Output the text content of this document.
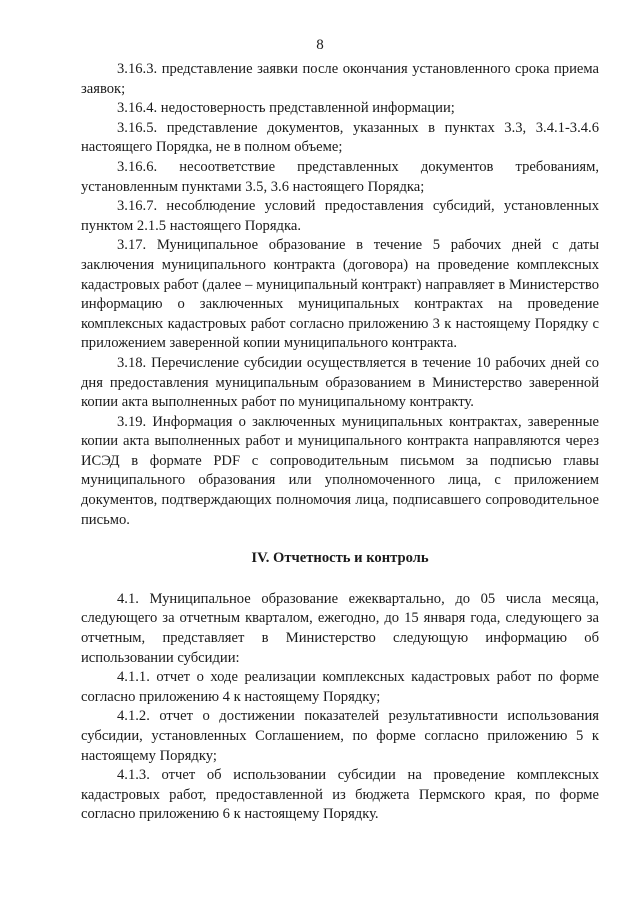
8

3.16.3. представление заявки после окончания установленного срока приема заявок;

3.16.4. недостоверность представленной информации;

3.16.5. представление документов, указанных в пунктах 3.3, 3.4.1-3.4.6 настоящего Порядка, не в полном объеме;

3.16.6. несоответствие представленных документов требованиям, установленным пунктами 3.5, 3.6 настоящего Порядка;

3.16.7. несоблюдение условий предоставления субсидий, установленных пунктом 2.1.5 настоящего Порядка.

3.17. Муниципальное образование в течение 5 рабочих дней с даты заключения муниципального контракта (договора) на проведение комплексных кадастровых работ (далее – муниципальный контракт) направляет в Министерство информацию о заключенных муниципальных контрактах на проведение комплексных кадастровых работ согласно приложению 3 к настоящему Порядку с приложением заверенной копии муниципального контракта.

3.18. Перечисление субсидии осуществляется в течение 10 рабочих дней со дня предоставления муниципальным образованием в Министерство заверенной копии акта выполненных работ по муниципальному контракту.

3.19. Информация о заключенных муниципальных контрактах, заверенные копии акта выполненных работ и муниципального контракта направляются через ИСЭД в формате PDF с сопроводительным письмом за подписью главы муниципального образования или уполномоченного лица, с приложением документов, подтверждающих полномочия лица, подписавшего сопроводительное письмо.

IV. Отчетность и контроль

4.1. Муниципальное образование ежеквартально, до 05 числа месяца, следующего за отчетным кварталом, ежегодно, до 15 января года, следующего за отчетным, представляет в Министерство следующую информацию об использовании субсидии:

4.1.1. отчет о ходе реализации комплексных кадастровых работ по форме согласно приложению 4 к настоящему Порядку;

4.1.2. отчет о достижении показателей результативности использования субсидии, установленных Соглашением, по форме согласно приложению 5 к настоящему Порядку;

4.1.3. отчет об использовании субсидии на проведение комплексных кадастровых работ, предоставленной из бюджета Пермского края, по форме согласно приложению 6 к настоящему Порядку.
